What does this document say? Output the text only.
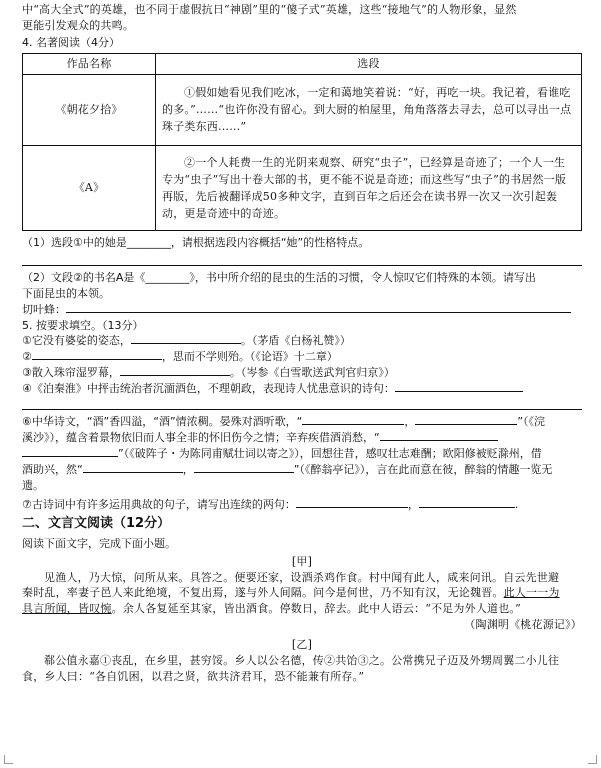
中“高大全式”的英雄，也不同于虚假抗日“神剧”里的“傻子式”英雄，这些“接地气”的人物形象，显然

更能引发观众的共鸣。

4. 名著阅读（4分）

作品名称	选段
《朝花夕拾》	①假如她看见我们吃冰，一定和蔼地笑着说：“好，再吃一块。我记着，看谁吃的多。”……“也许你没有留心。到大厨的柏屋里，角角落落去寻去，总可以寻出一点珠子类东西……”
《A》	②一个人耗费一生的光阴来观察、研究“虫子”，已经算是奇迹了；一个人一生专为“虫子”写出十卷大部的书，更不能不说是奇迹；而这些写“虫子”的书居然一版再版，先后被翻译成50多种文字，直到百年之后还会在读书界一次又一次引起轰动，更是奇迹中的奇迹。

（1）选段①中的她是________，请根据选段内容概括“她”的性格特点。

（2）文段②的书名A是《________》，书中所介绍的昆虫的生活的习惯，令人惊叹它们特殊的本领。请写出

下面昆虫的本领。

切叶蜂：

5. 按要求填空。（13分）

①它没有婆娑的姿态，	。（茅盾《白杨礼赞》）

②	，思而不学则殆。（《论语》十二章）

③散入珠帘湿罗幕，	。（岑参《白雪歌送武判官归京》）

④《泊秦淮》中抨击统治者沉湎酒色，不理朝政，表现诗人忧患意识的诗句：

⑥中华诗文，“酒”香四溢，“酒”情浓稠。晏殊对酒听歌，“	，	”（《浣

溪沙》），蕴含着景物依旧而人事全非的怀旧伤今之情；辛弃疾借酒消愁，“

”（《破阵子・为陈同甫赋壮词以寄之》），回想往昔，感叹壮志难酬；欧阳修被贬滁州，借

酒助兴，然“	，	”（《醉翁亭记》），言在此而意在彼，醉翁的情趣一览无

遗。

⑦古诗词中有许多运用典故的句子，请写出连续的两句：	，	.

二、文言文阅读（12分）

阅读下面文字，完成下面小题。

[甲]

见渔人，乃大惊，问所从来。具答之。便要还家，设酒杀鸡作食。村中闻有此人，咸来问讯。自云先世避

秦时乱，率妻子邑人来此绝境，不复出焉，遂与外人间隔。问今是何世，乃不知有汉，无论魏晋。此人一一为

具言所闻，皆叹惋。余人各复延至其家，皆出酒食。停数日，辞去。此中人语云：“不足为外人道也。”

（陶渊明《桃花源记》）

[乙]

郗公值永嘉①丧乱，在乡里，甚穷馁。乡人以公名德，传②共饴③之。公常携兄子迈及外甥周翼二小儿往

食，乡人曰：“各自饥困，以君之贤，欲共济君耳，恐不能兼有所存。”
